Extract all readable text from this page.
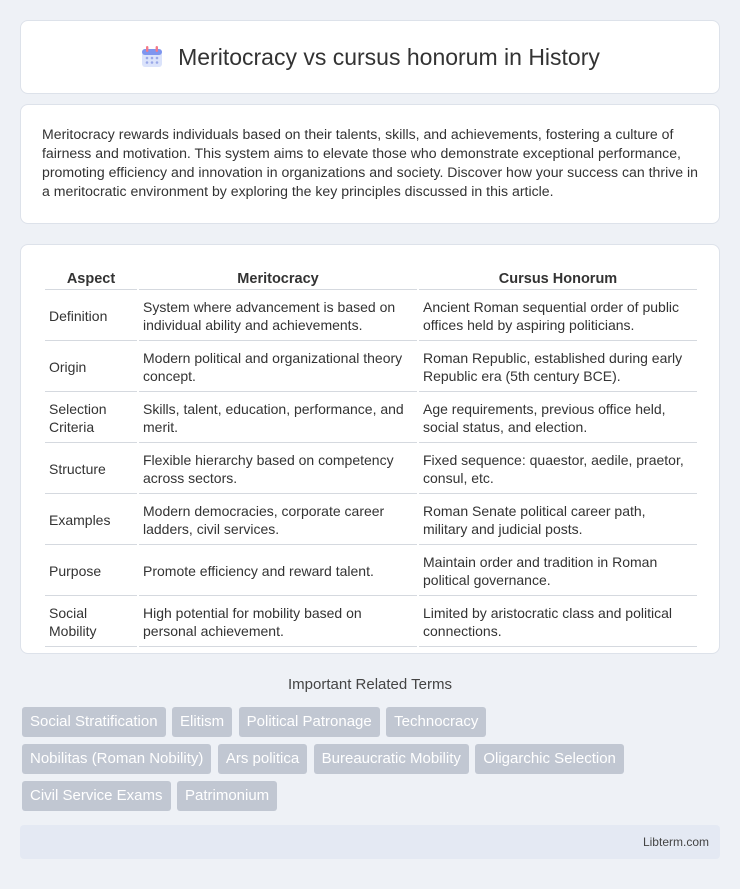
Meritocracy vs cursus honorum in History

Meritocracy rewards individuals based on their talents, skills, and achievements, fostering a culture of fairness and motivation. This system aims to elevate those who demonstrate exceptional performance, promoting efficiency and innovation in organizations and society. Discover how your success can thrive in a meritocratic environment by exploring the key principles discussed in this article.

Aspect	Meritocracy	Cursus Honorum
Definition	System where advancement is based on individual ability and achievements.	Ancient Roman sequential order of public offices held by aspiring politicians.
Origin	Modern political and organizational theory concept.	Roman Republic, established during early Republic era (5th century BCE).
Selection Criteria	Skills, talent, education, performance, and merit.	Age requirements, previous office held, social status, and election.
Structure	Flexible hierarchy based on competency across sectors.	Fixed sequence: quaestor, aedile, praetor, consul, etc.
Examples	Modern democracies, corporate career ladders, civil services.	Roman Senate political career path, military and judicial posts.
Purpose	Promote efficiency and reward talent.	Maintain order and tradition in Roman political governance.
Social Mobility	High potential for mobility based on personal achievement.	Limited by aristocratic class and political connections.
Important Related Terms
Social Stratification Elitism Political Patronage Technocracy
Nobilitas (Roman Nobility) Ars politica Bureaucratic Mobility Oligarchic Selection
Civil Service Exams Patrimonium
Libterm.com
